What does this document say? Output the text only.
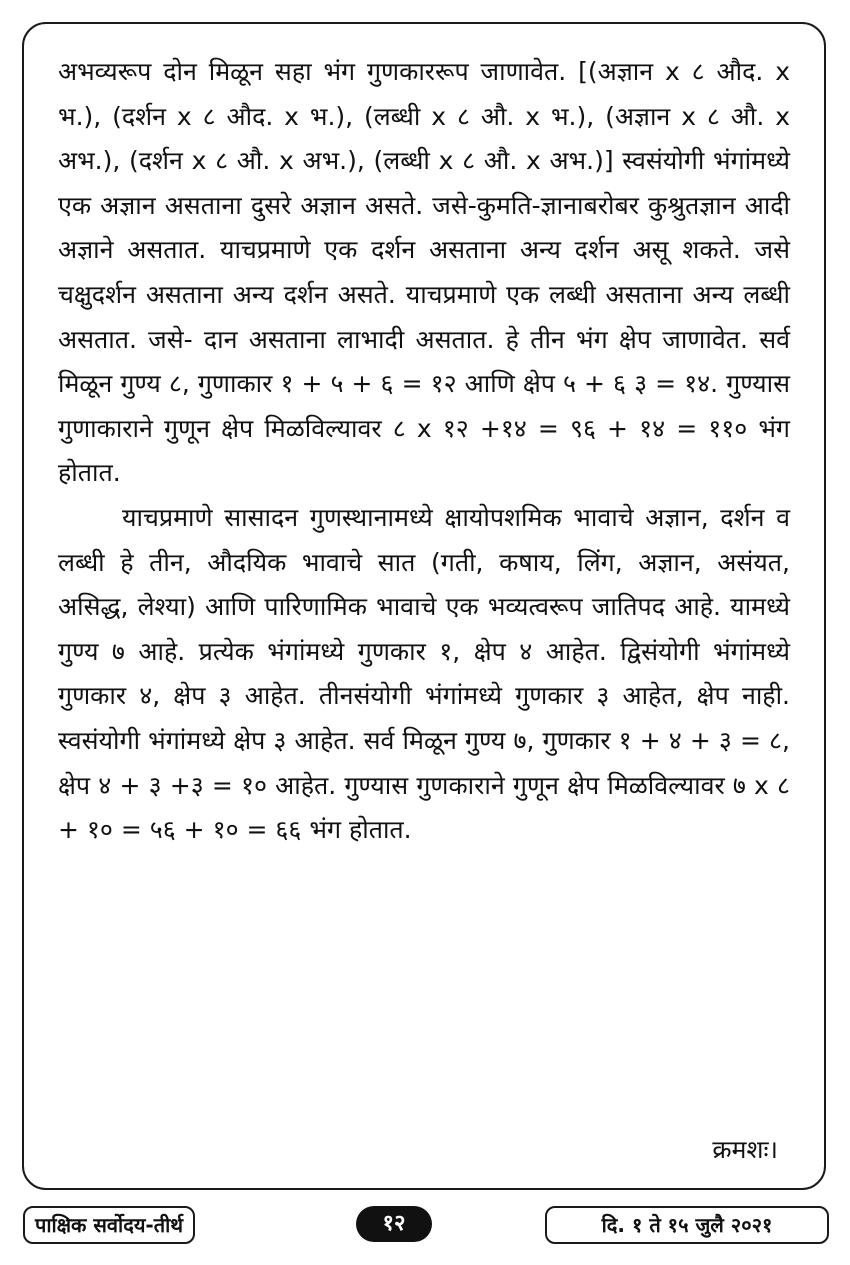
अभव्यरूप दोन मिळून सहा भंग गुणकाररूप जाणावेत. [(अज्ञान x ८ औद. x भ.), (दर्शन x ८ औद. x भ.), (लब्धी x ८ औ. x भ.), (अज्ञान x ८ औ. x अभ.), (दर्शन x ८ औ. x अभ.), (लब्धी x ८ औ. x अभ.)] स्वसंयोगी भंगांमध्ये एक अज्ञान असताना दुसरे अज्ञान असते. जसे-कुमति-ज्ञानाबरोबर कुश्रुतज्ञान आदी अज्ञाने असतात. याचप्रमाणे एक दर्शन असताना अन्य दर्शन असू शकते. जसे चक्षुदर्शन असताना अन्य दर्शन असते. याचप्रमाणे एक लब्धी असताना अन्य लब्धी असतात. जसे- दान असताना लाभादी असतात. हे तीन भंग क्षेप जाणावेत. सर्व मिळून गुण्य ८, गुणाकार १ + ५ + ६ = १२ आणि क्षेप ५ + ६ ३ = १४. गुण्यास गुणाकाराने गुणून क्षेप मिळविल्यावर ८ x १२ +१४ = ९६ + १४ = ११० भंग होतात.

याचप्रमाणे सासादन गुणस्थानामध्ये क्षायोपशमिक भावाचे अज्ञान, दर्शन व लब्धी हे तीन, औदयिक भावाचे सात (गती, कषाय, लिंग, अज्ञान, असंयत, असिद्ध, लेश्या) आणि पारिणामिक भावाचे एक भव्यत्वरूप जातिपद आहे. यामध्ये गुण्य ७ आहे. प्रत्येक भंगांमध्ये गुणकार १, क्षेप ४ आहेत. द्विसंयोगी भंगांमध्ये गुणकार ४, क्षेप ३ आहेत. तीनसंयोगी भंगांमध्ये गुणकार ३ आहेत, क्षेप नाही. स्वसंयोगी भंगांमध्ये क्षेप ३ आहेत. सर्व मिळून गुण्य ७, गुणकार १ + ४ + ३ = ८, क्षेप ४ + ३ +३ = १० आहेत. गुण्यास गुणकाराने गुणून क्षेप मिळविल्यावर ७ x ८ + १० = ५६ + १० = ६६ भंग होतात.

क्रमशः।
पाक्षिक सर्वोदय-तीर्थ	१२	दि. १ ते १५ जुलै २०२१
